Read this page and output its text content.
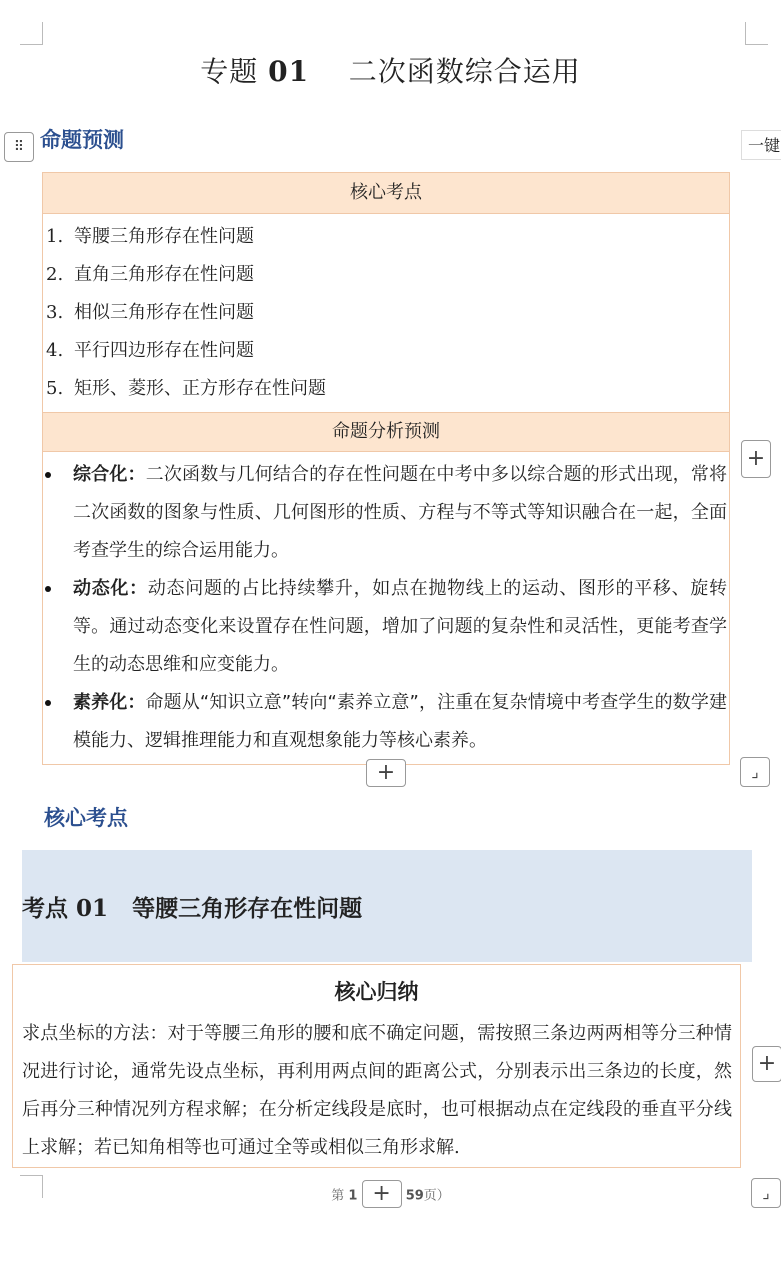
专题 01 二次函数综合运用
⠿ 命题预测	一键
核心考点
1. 等腰三角形存在性问题
2. 直角三角形存在性问题
3. 相似三角形存在性问题
4. 平行四边形存在性问题
5. 矩形、菱形、正方形存在性问题
命题分析预测
综合化：二次函数与几何结合的存在性问题在中考中多以综合题的形式出现，常将二次函数的图象与性质、几何图形的性质、方程与不等式等知识融合在一起，全面考查学生的综合运用能力。
动态化：动态问题的占比持续攀升，如点在抛物线上的运动、图形的平移、旋转等。通过动态变化来设置存在性问题，增加了问题的复杂性和灵活性，更能考查学生的动态思维和应变能力。
素养化：命题从“知识立意”转向“素养立意”，注重在复杂情境中考查学生的数学建模能力、逻辑推理能力和直观想象能力等核心素养。
+
+	⌟
核心考点
考点 01 等腰三角形存在性问题
核心归纳
求点坐标的方法：对于等腰三角形的腰和底不确定问题，需按照三条边两两相等分三种情况进行讨论，通常先设点坐标，再利用两点间的距离公式，分别表示出三条边的长度，然后再分三种情况列方程求解；在分析定线段是底时，也可根据动点在定线段的垂直平分线上求解；若已知角相等也可通过全等或相似三角形求解.
+
第 1 + 59页）	⌟
